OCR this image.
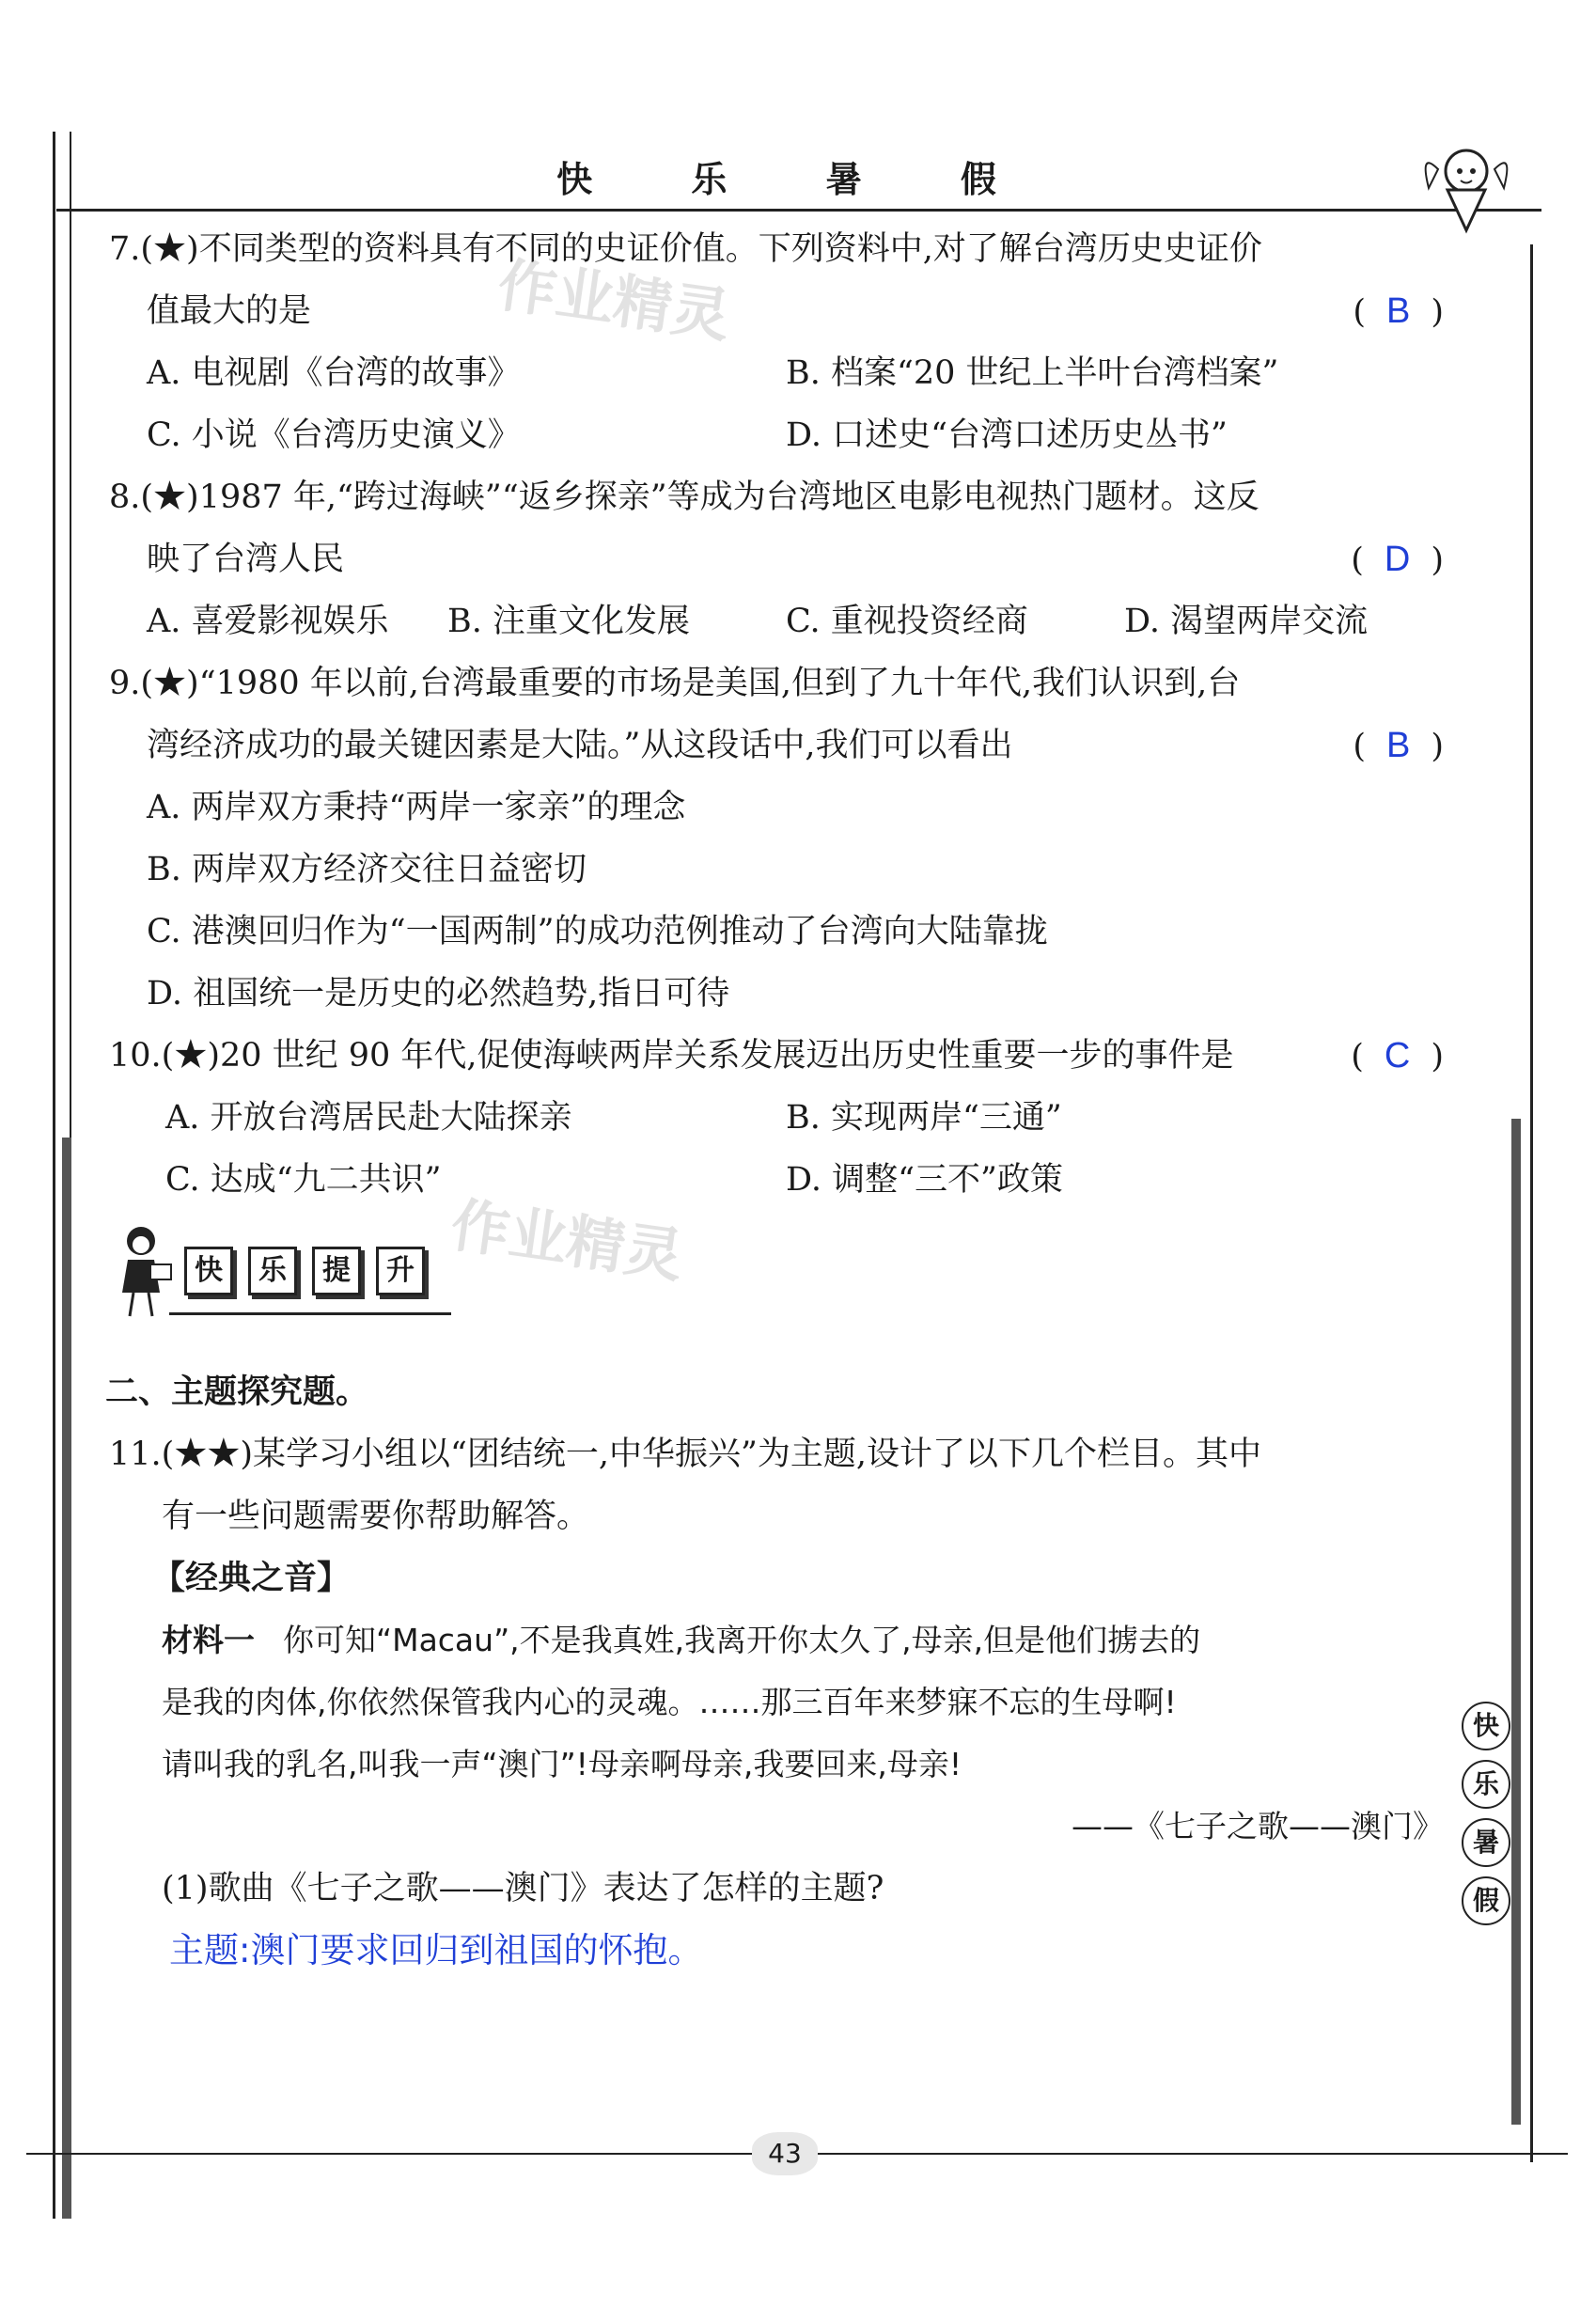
快 乐 暑 假
作业精灵
作业精灵
7.(★)不同类型的资料具有不同的史证价值。下列资料中,对了解台湾历史史证价
值最大的是	( B )
A. 电视剧《台湾的故事》	B. 档案“20 世纪上半叶台湾档案”
C. 小说《台湾历史演义》	D. 口述史“台湾口述历史丛书”
8.(★)1987 年,“跨过海峡”“返乡探亲”等成为台湾地区电影电视热门题材。这反
映了台湾人民	( D )
A. 喜爱影视娱乐 B. 注重文化发展	C. 重视投资经商	D. 渴望两岸交流
9.(★)“1980 年以前,台湾最重要的市场是美国,但到了九十年代,我们认识到,台
湾经济成功的最关键因素是大陆。”从这段话中,我们可以看出	( B )
A. 两岸双方秉持“两岸一家亲”的理念
B. 两岸双方经济交往日益密切
C. 港澳回归作为“一国两制”的成功范例推动了台湾向大陆靠拢
D. 祖国统一是历史的必然趋势,指日可待
10.(★)20 世纪 90 年代,促使海峡两岸关系发展迈出历史性重要一步的事件是	( C )
A. 开放台湾居民赴大陆探亲	B. 实现两岸“三通”
C. 达成“九二共识”	D. 调整“三不”政策
快	乐	提	升
二、主题探究题。
11.(★★)某学习小组以“团结统一,中华振兴”为主题,设计了以下几个栏目。其中
有一些问题需要你帮助解答。
【经典之音】
材料一 你可知“Macau”,不是我真姓,我离开你太久了,母亲,但是他们掳去的
是我的肉体,你依然保管我内心的灵魂。……那三百年来梦寐不忘的生母啊!
请叫我的乳名,叫我一声“澳门”!母亲啊母亲,我要回来,母亲!
——《七子之歌——澳门》
(1)歌曲《七子之歌——澳门》表达了怎样的主题?
主题:澳门要求回归到祖国的怀抱。
快
乐
暑
假
43
